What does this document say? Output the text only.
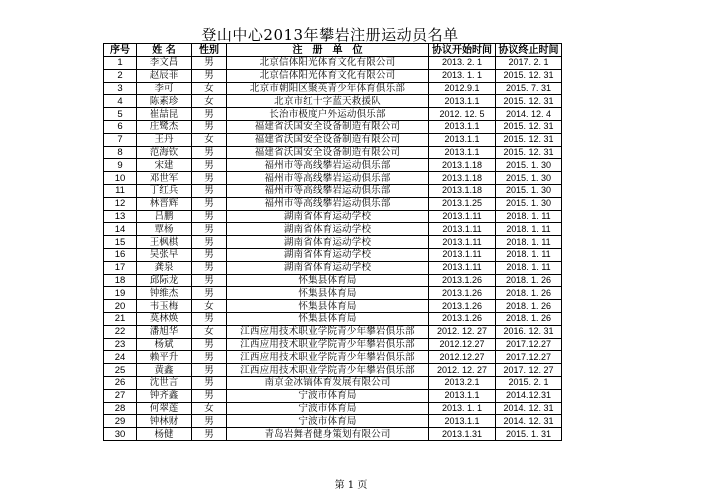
登山中心2013年攀岩注册运动员名单
序号	姓 名	性别	注　册　单　位	协议开始时间	协议终止时间
1	李文昌	男	北京信体阳光体育文化有限公司	2013. 2. 1	2017. 2. 1
2	赵辰菲	男	北京信体阳光体育文化有限公司	2013. 1. 1	2015. 12. 31
3	李可	女	北京市朝阳区聚英青少年体育俱乐部	2012.9.1	2015. 7. 31
4	陈素珍	女	北京市红十字蓝天救援队	2013.1.1	2015. 12. 31
5	崔喆昆	男	长治市极度户外运动俱乐部	2012. 12. 5	2014. 12. 4
6	庄鹭杰	男	福建省沃国安全设备制造有限公司	2013.1.1	2015. 12. 31
7	王丹	女	福建省沃国安全设备制造有限公司	2013.1.1	2015. 12. 31
8	范海钦	男	福建省沃国安全设备制造有限公司	2013.1.1	2015. 12. 31
9	宋建	男	福州市等高线攀岩运动俱乐部	2013.1.18	2015. 1. 30
10	邓世军	男	福州市等高线攀岩运动俱乐部	2013.1.18	2015. 1. 30
11	丁红兵	男	福州市等高线攀岩运动俱乐部	2013.1.18	2015. 1. 30
12	林晋辉	男	福州市等高线攀岩运动俱乐部	2013.1.25	2015. 1. 30
13	吕鹏	男	湖南省体育运动学校	2013.1.11	2018. 1. 11
14	覃杨	男	湖南省体育运动学校	2013.1.11	2018. 1. 11
15	王枫棋	男	湖南省体育运动学校	2013.1.11	2018. 1. 11
16	吴张早	男	湖南省体育运动学校	2013.1.11	2018. 1. 11
17	龚泉	男	湖南省体育运动学校	2013.1.11	2018. 1. 11
18	邱际龙	男	怀集县体育局	2013.1.26	2018. 1. 26
19	钟维杰	男	怀集县体育局	2013.1.26	2018. 1. 26
20	韦玉梅	女	怀集县体育局	2013.1.26	2018. 1. 26
21	莫林焕	男	怀集县体育局	2013.1.26	2018. 1. 26
22	潘旭华	女	江西应用技术职业学院青少年攀岩俱乐部	2012. 12. 27	2016. 12. 31
23	杨斌	男	江西应用技术职业学院青少年攀岩俱乐部	2012.12.27	2017.12.27
24	赖平升	男	江西应用技术职业学院青少年攀岩俱乐部	2012.12.27	2017.12.27
25	黄鑫	男	江西应用技术职业学院青少年攀岩俱乐部	2012. 12. 27	2017. 12. 27
26	沈世言	男	南京金冰镐体育发展有限公司	2013.2.1	2015. 2. 1
27	钟齐鑫	男	宁波市体育局	2013.1.1	2014.12.31
28	何翠莲	女	宁波市体育局	2013. 1. 1	2014. 12. 31
29	钟林财	男	宁波市体育局	2013.1.1	2014. 12. 31
30	杨健	男	青岛岩舞者健身策划有限公司	2013.1.31	2015. 1. 31
第 1 页
